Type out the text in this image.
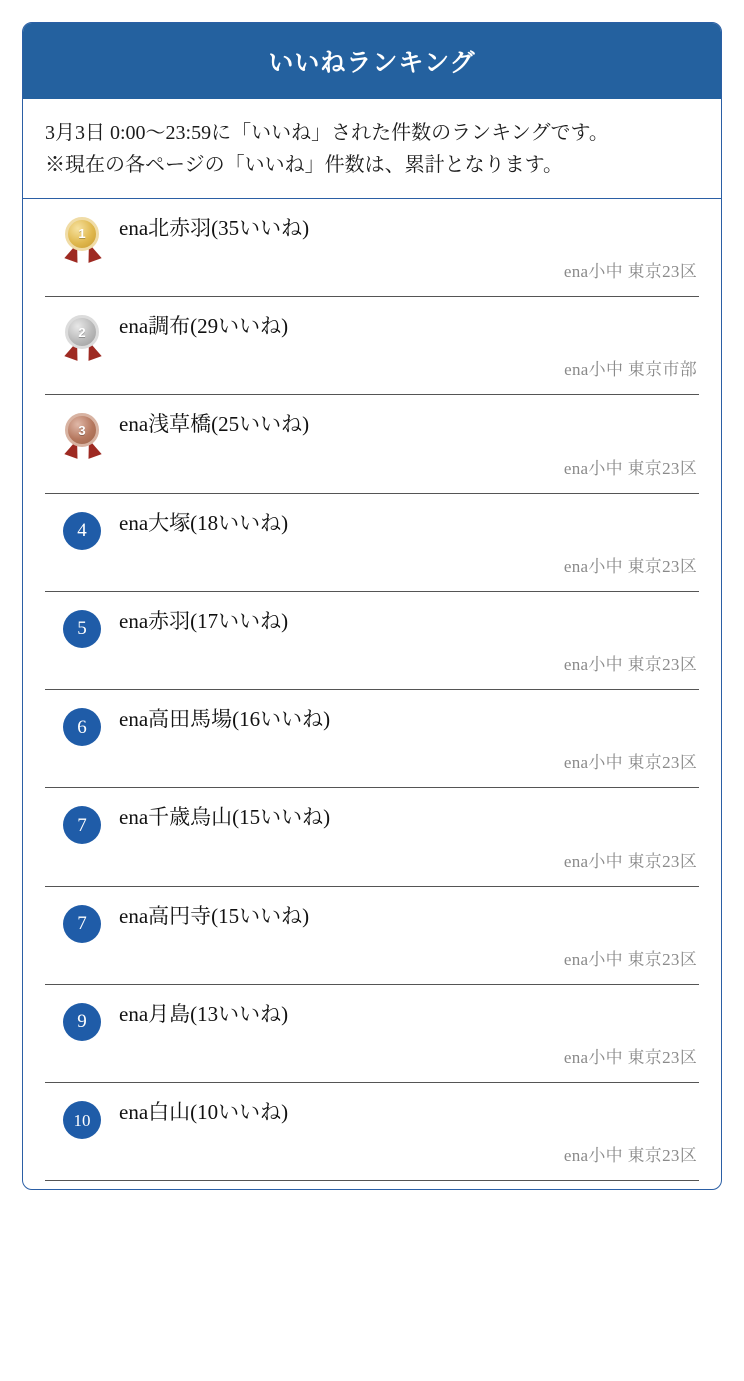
いいねランキング
3月3日 0:00〜23:59に「いいね」された件数のランキングです。
※現在の各ページの「いいね」件数は、累計となります。
1	ena北赤羽(35いいね)
ena小中 東京23区
2	ena調布(29いいね)
ena小中 東京市部
3	ena浅草橋(25いいね)
ena小中 東京23区
4 ena大塚(18いいね)
ena小中 東京23区
5 ena赤羽(17いいね)
ena小中 東京23区
6 ena高田馬場(16いいね)
ena小中 東京23区
7 ena千歳烏山(15いいね)
ena小中 東京23区
7 ena高円寺(15いいね)
ena小中 東京23区
9 ena月島(13いいね)
ena小中 東京23区
10 ena白山(10いいね)
ena小中 東京23区
